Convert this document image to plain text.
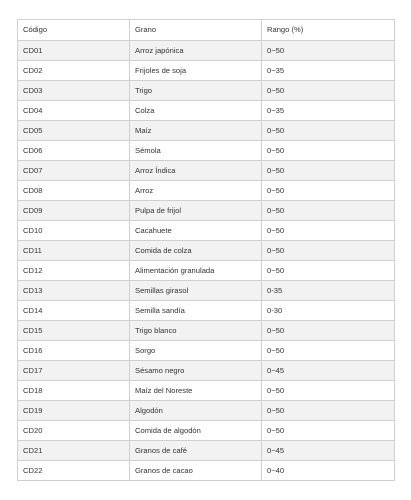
Código	Grano	Rango (%)
CD01	Arroz japónica	0~50
CD02	Frijoles de soja	0~35
CD03	Trigo	0~50
CD04	Colza	0~35
CD05	Maíz	0~50
CD06	Sémola	0~50
CD07	Arroz Índica	0~50
CD08	Arroz	0~50
CD09	Pulpa de frijol	0~50
CD10	Cacahuete	0~50
CD11	Comida de colza	0~50
CD12	Alimentación granulada	0~50
CD13	Semillas girasol	0-35
CD14	Semilla sandía	0-30
CD15	Trigo blanco	0~50
CD16	Sorgo	0~50
CD17	Sésamo negro	0~45
CD18	Maíz del Noreste	0~50
CD19	Algodón	0~50
CD20	Comida de algodón	0~50
CD21	Granos de café	0~45
CD22	Granos de cacao	0~40
